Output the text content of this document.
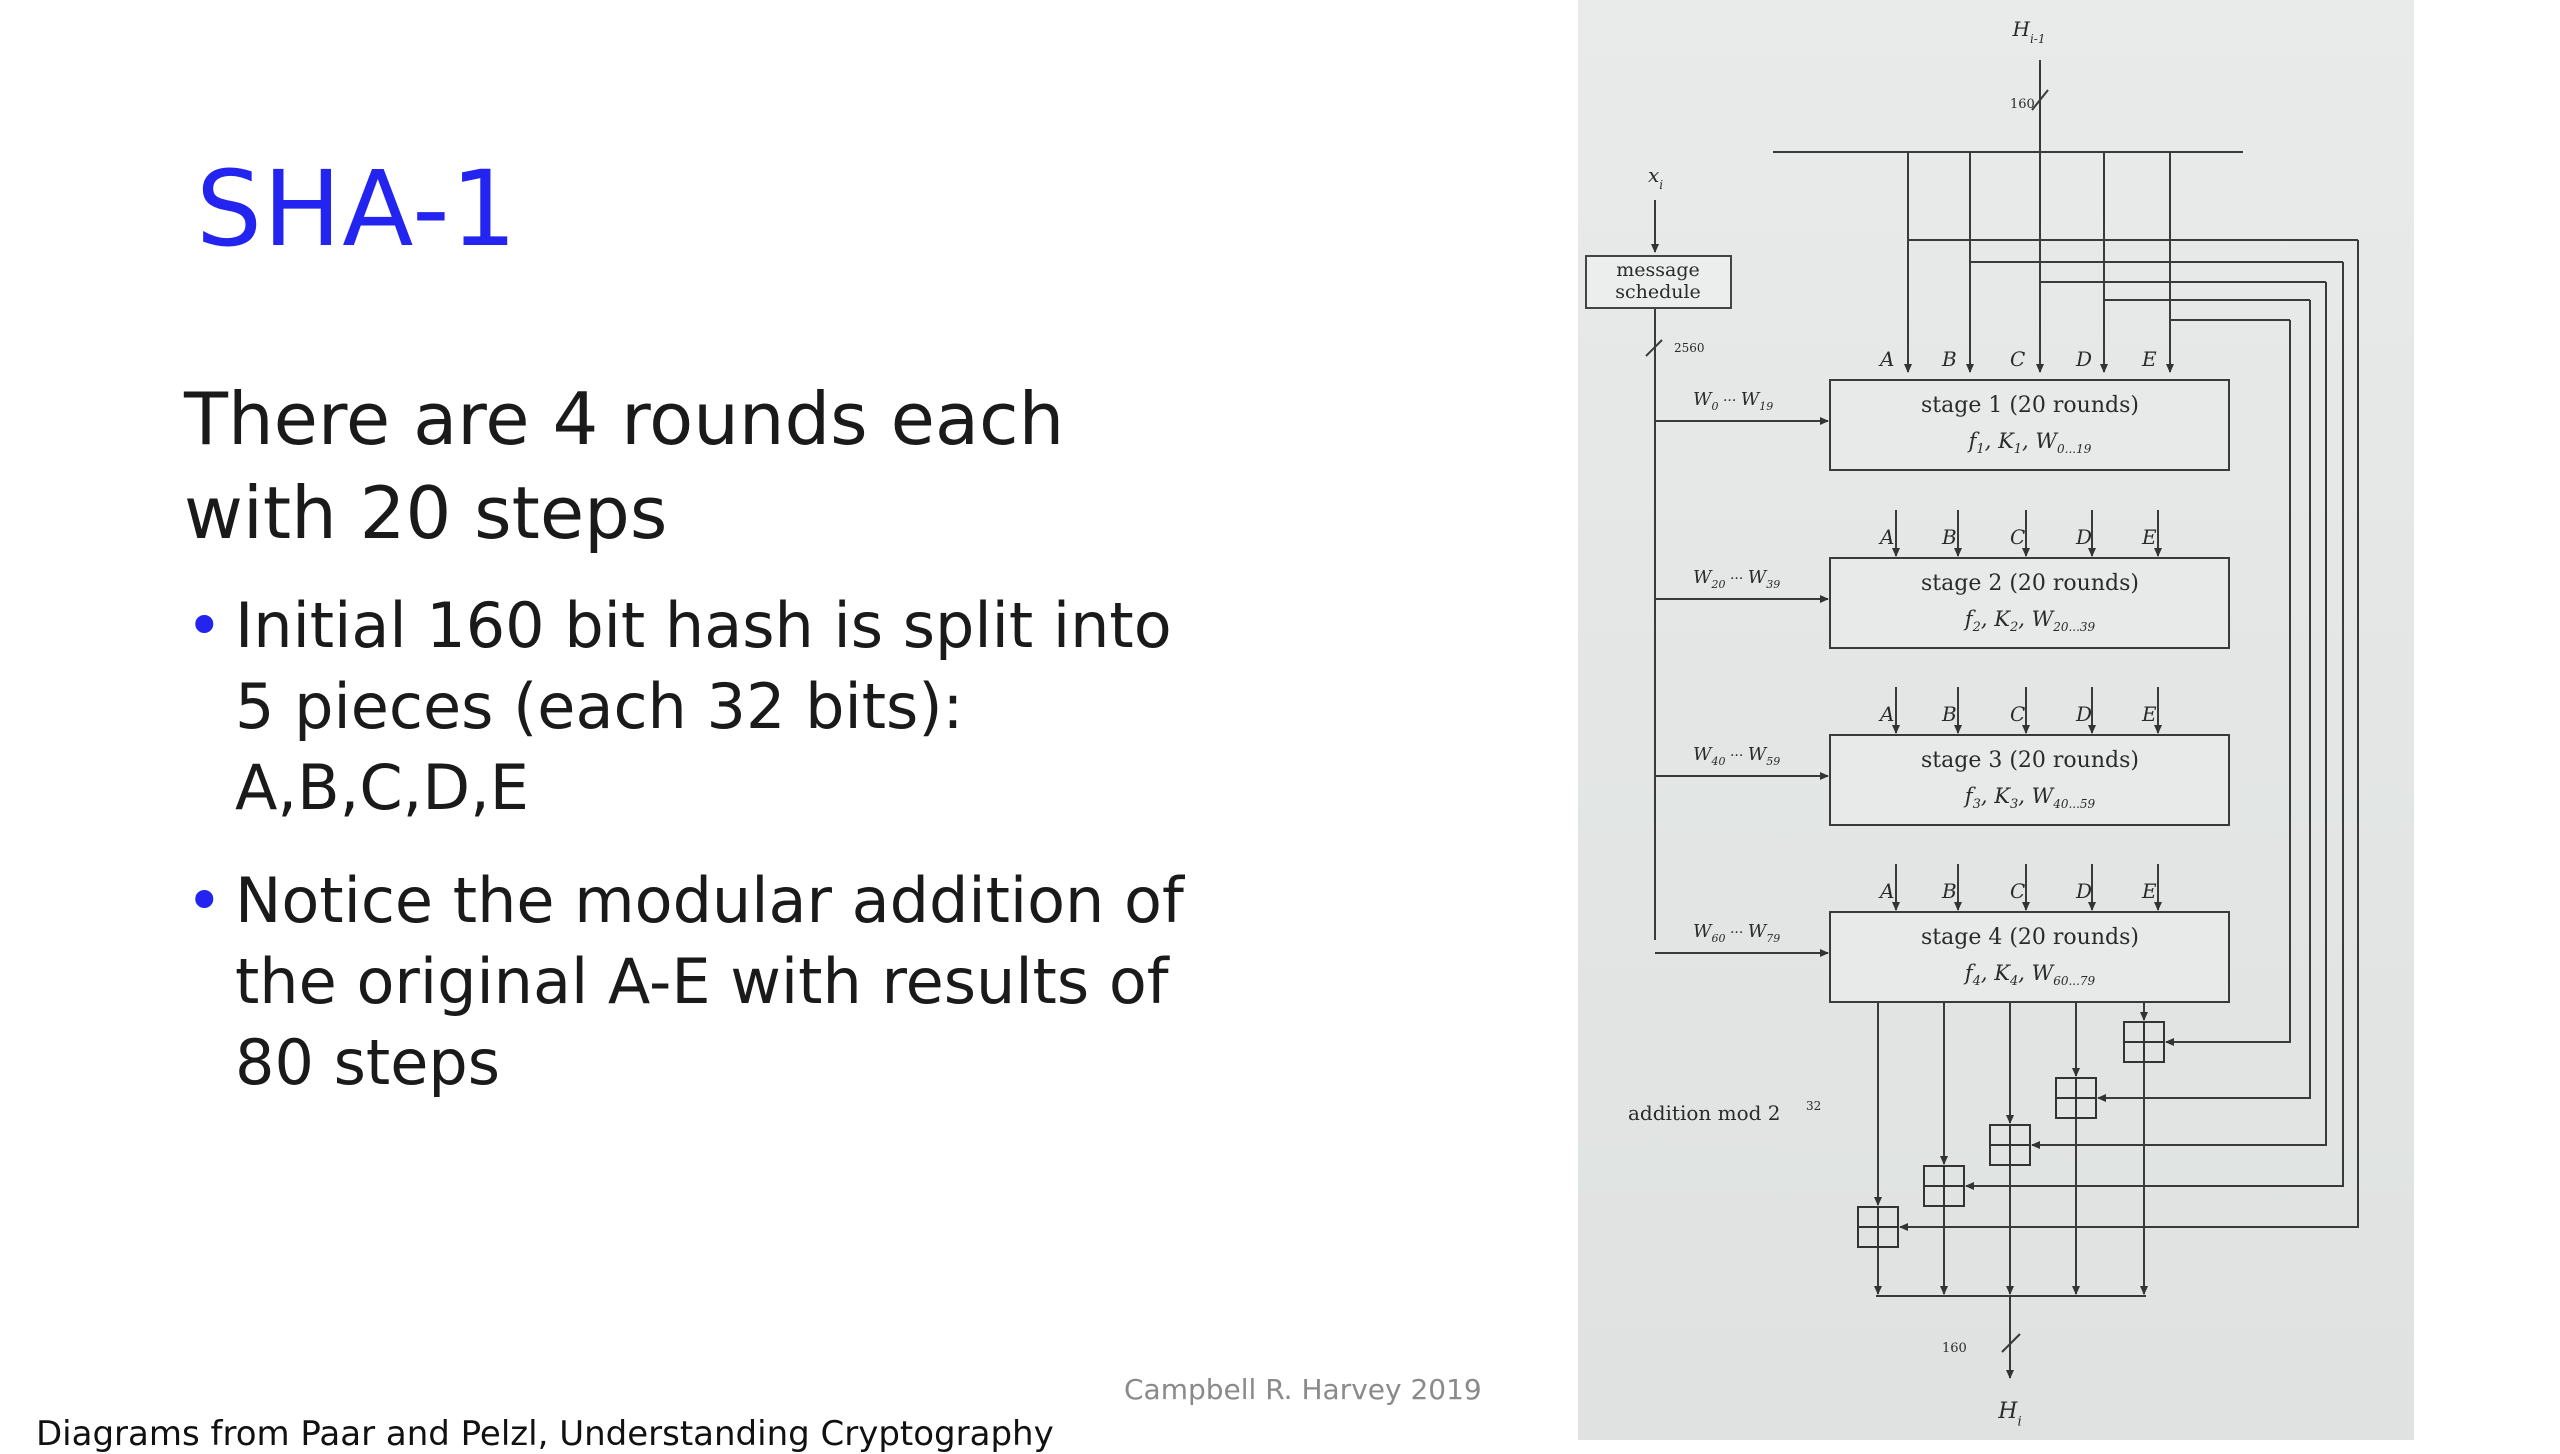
SHA-1

There are 4 rounds each with 20 steps

• Initial 160 bit hash is split into 5 pieces (each 32 bits): A,B,C,D,E
• Notice the modular addition of the original A-E with results of 80 steps
Campbell R. Harvey 2019
Diagrams from Paar and Pelzl, Understanding Cryptography
$H_{i-1}$
160
$x_i$
message
schedule
2560
$W_0$ ··· $W_{19}$	stage 1 (20 rounds)
$f_1$, $K_1$, $W_{0...19}$
A B	C	D E
$W_{20}$ ··· $W_{39}$	stage 2 (20 rounds)
$f_2$, $K_2$, $W_{20...39}$
A B	C	D E
$W_{40}$ ··· $W_{59}$	stage 3 (20 rounds)
$f_3$, $K_3$, $W_{40...59}$
A B	C	D E
$W_{60}$ ··· $W_{79}$	stage 4 (20 rounds)
$f_4$, $K_4$, $W_{60...79}$
A B	C	D E
addition mod 2 32
160
$H_i$
